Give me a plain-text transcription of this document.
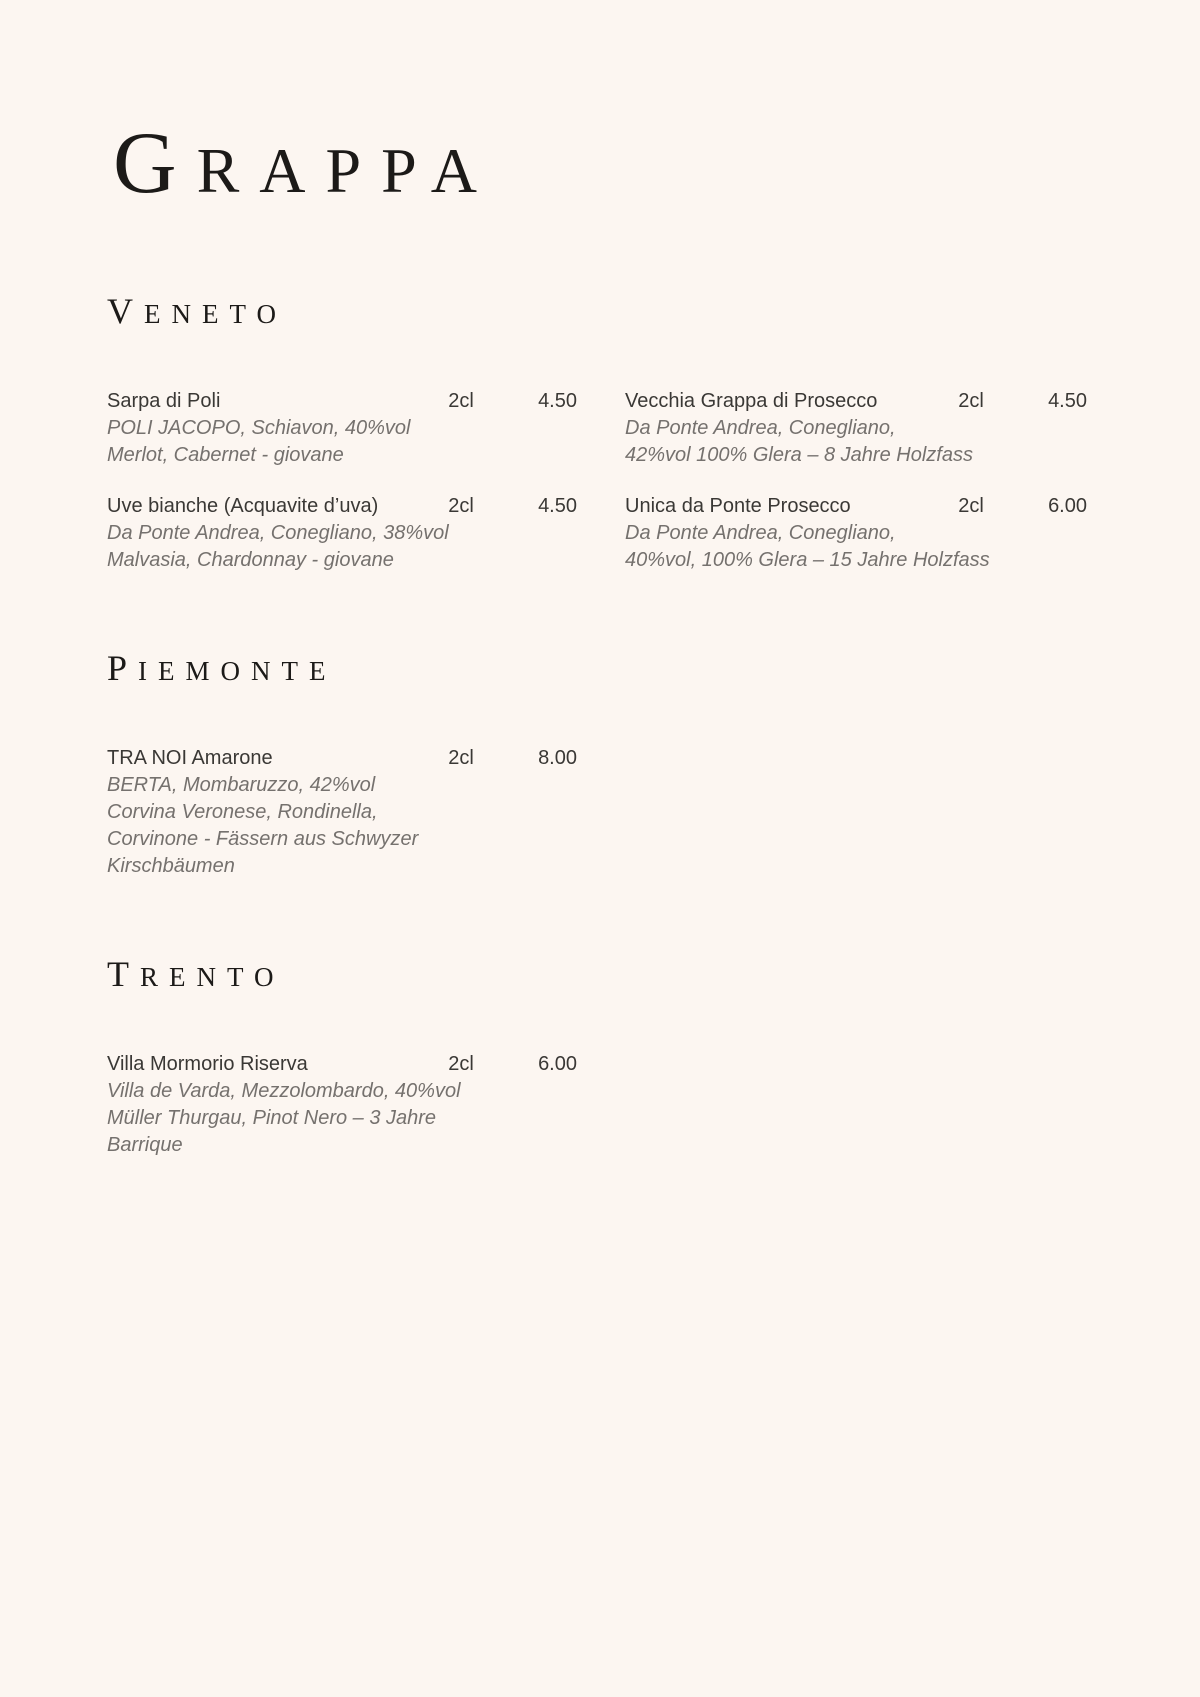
GRAPPA
VENETO
Sarpa di Poli	2cl	4.50

POLI JACOPO, Schiavon, 40%vol

Merlot, Cabernet - giovane

Uve bianche (Acquavite d’uva)	2cl	4.50

Da Ponte Andrea, Conegliano, 38%vol

Malvasia, Chardonnay - giovane

Vecchia Grappa di Prosecco	2cl	4.50

Da Ponte Andrea, Conegliano,

42%vol 100% Glera – 8 Jahre Holzfass

Unica da Ponte Prosecco	2cl	6.00

Da Ponte Andrea, Conegliano,

40%vol, 100% Glera – 15 Jahre Holzfass

PIEMONTE
TRA NOI Amarone	2cl	8.00

BERTA, Mombaruzzo, 42%vol

Corvina Veronese, Rondinella,

Corvinone - Fässern aus Schwyzer

Kirschbäumen

TRENTO
Villa Mormorio Riserva	2cl	6.00

Villa de Varda, Mezzolombardo, 40%vol

Müller Thurgau, Pinot Nero – 3 Jahre

Barrique
